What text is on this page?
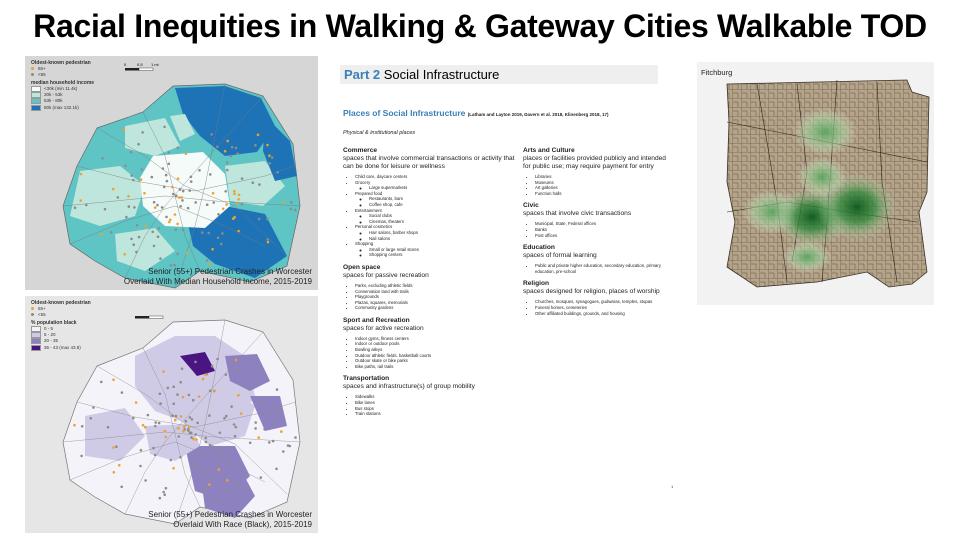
Racial Inequities in Walking & Gateway Cities Walkable TOD
0	0.5 1 mi
Oldest-known pedestrian
55+
<55
median household income
<30k (min 11.4k)
30k - 53k
53k - 80k
80k (max 132.1k)
Senior (55+) Pedestrian Crashes in Worcester
Overlaid With Median Household Income, 2015-2019
Oldest-known pedestrian
55+
<55
% population black
0 - 5
5 - 20
20 - 35
35 - 43 (max 43.8)
Senior (55+) Pedestrian Crashes in Worcester
Overlaid With Race (Black), 2015-2019
Part 2 Social Infrastructure
Places of Social Infrastructure (Latham and Layton 2019, Davern et al. 2018, Klinenberg 2018, 17)
Physical & institutional places
Commerce
spaces that involve commercial transactions or activity that can be done for leisure or wellness
• Child care, daycare centers
• Grocery
◦ Large supermarkets
• Prepared food
◦ Restaurants, bars
◦ Coffee shop, cafe
• Entertainment
◦ Social clubs
◦ Cinemas, theaters
• Personal cosmetics
◦ Hair salons, barber shops
◦ Nail salons
• Shopping
◦ Small or large retail stores
◦ Shopping centers
Open space
spaces for passive recreation
• Parks, excluding athletic fields
• Conservation land with trails
• Playgrounds
• Plazas, squares, memorials
• Community gardens
Sport and Recreation
spaces for active recreation
• Indoor gyms, fitness centers
• Indoor or outdoor pools
• Bowling alleys
• Outdoor athletic fields, basketball courts
• Outdoor skate or bike parks
• Bike paths, rail trails
Transportation
spaces and infrastructure(s) of group mobility
• Sidewalks
• Bike lanes
• Bus stops
• Train stations
Arts and Culture
places or facilities provided publicly and intended for public use; may require payment for entry
• Libraries
• Museums
• Art galleries
• Function halls
Civic
spaces that involve civic transactions
• Municipal, State, Federal offices
• Banks
• Post offices
Education
spaces of formal learning
• Public and private higher education, secondary education, primary education, pre-school
Religion
spaces designed for religion, places of worship
• Churches, mosques, synagogues, gudwaras, temples, stupas
• Funeral homes, cemeteries
• Other affiliated buildings, grounds, and housing
1
Fitchburg
